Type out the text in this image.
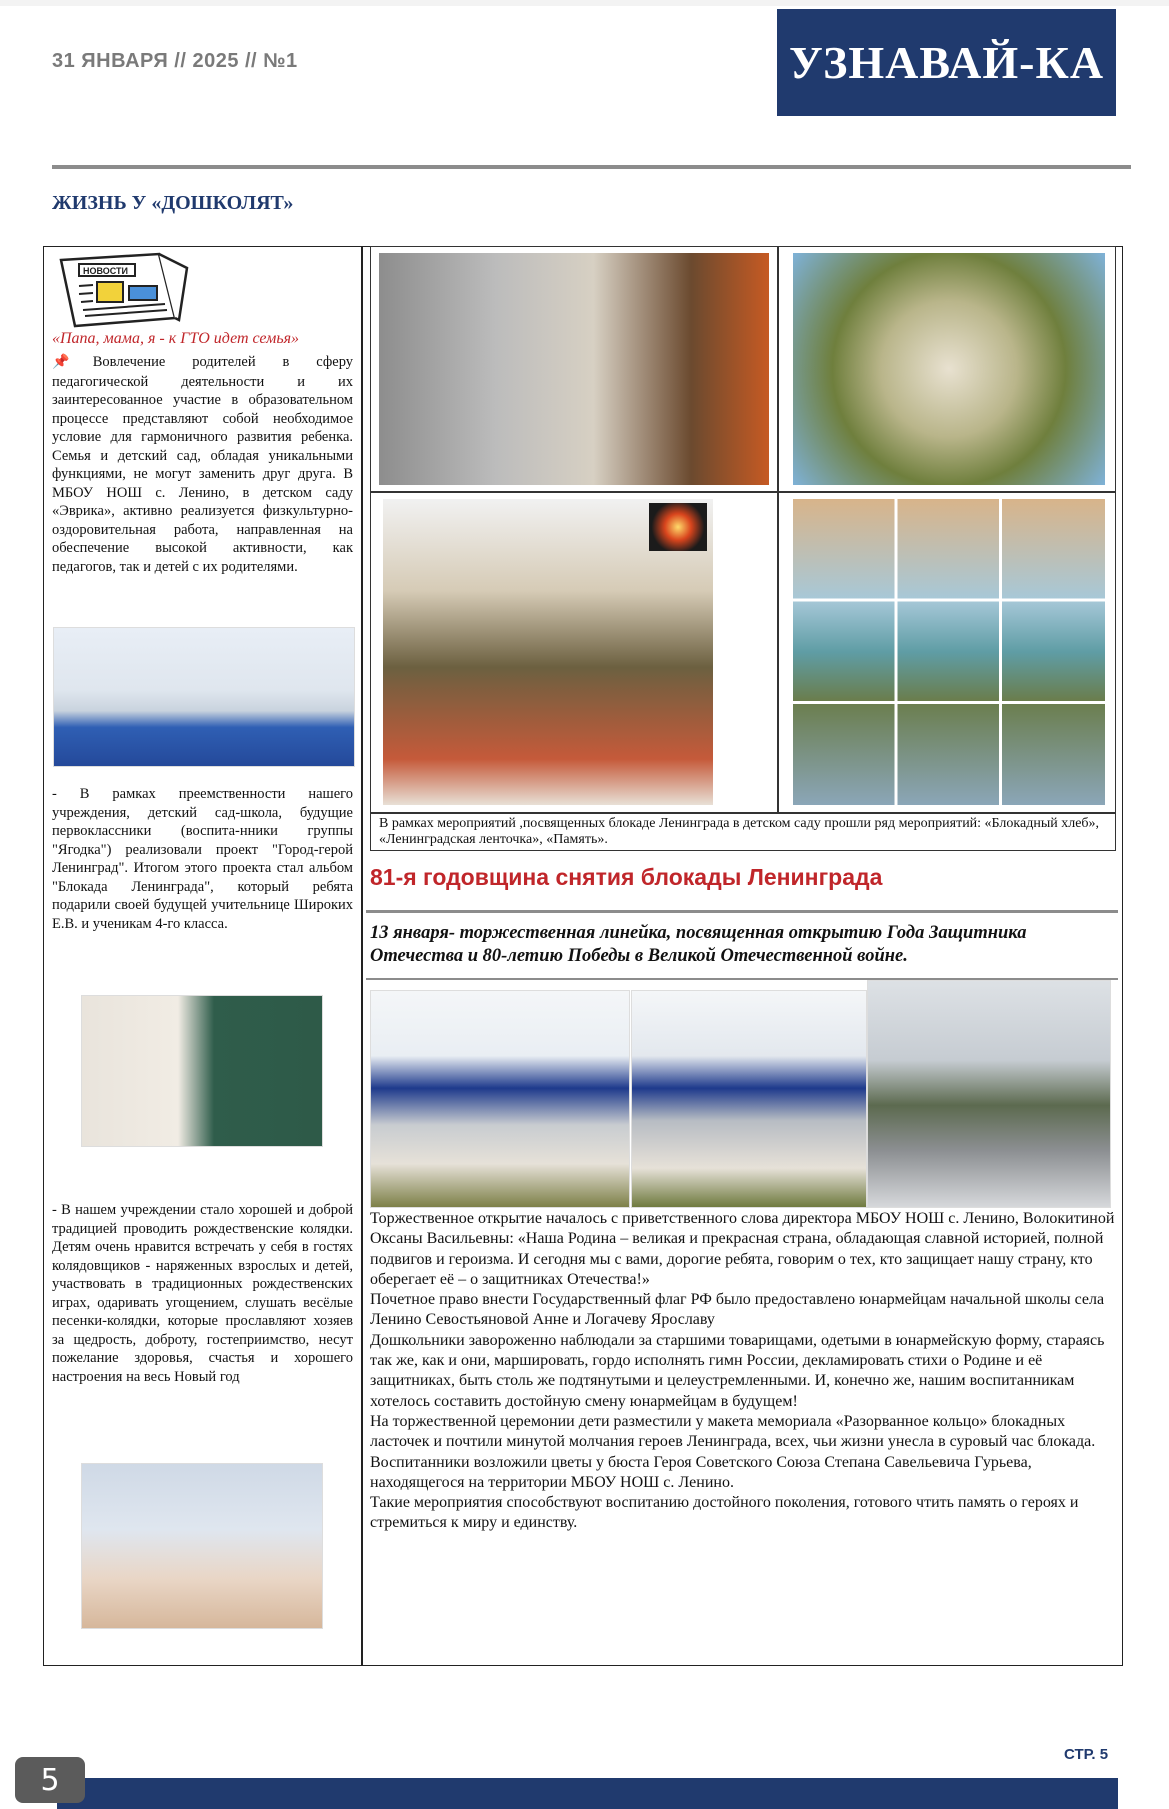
31 ЯНВАРЯ // 2025 // №1	УЗНАВАЙ-КА
ЖИЗНЬ У «ДОШКОЛЯТ»
НОВОСТИ
«Папа, мама, я - к ГТО идет семья»
📌Вовлечение родителей в сферу педагогической деятельности и их заинтересованное участие в образовательном процессе представляют собой необходимое условие для гармоничного развития ребенка. Семья и детский сад, обладая уникальными функциями, не могут заменить друг друга. В МБОУ НОШ с. Ленино, в детском саду «Эврика», активно реализуется физкультурно-оздоровительная работа, направленная на обеспечение высокой активности, как педагогов, так и детей с их родителями.
- В рамках преемственности нашего учреждения, детский сад-школа, будущие первоклассники (воспита-нники группы "Ягодка") реализовали проект "Город-герой Ленинград". Итогом этого проекта стал альбом "Блокада Ленинграда", который ребята подарили своей будущей учительнице Широких Е.В. и ученикам 4-го класса.
- В нашем учреждении стало хорошей и доброй традицией проводить рождественские колядки. Детям очень нравится встречать у себя в гостях колядовщиков - наряженных взрослых и детей, участвовать в традиционных рождественских играх, одаривать угощением, слушать весёлые песенки-колядки, которые прославляют хозяев за щедрость, доброту, гостеприимство, несут пожелание здоровья, счастья и хорошего настроения на весь Новый год
В рамках мероприятий ,посвященных блокаде Ленинграда в детском саду прошли ряд мероприятий: «Блокадный хлеб», «Ленинградская ленточка», «Память».
81-я годовщина снятия блокады Ленинграда
13 января- торжественная линейка, посвященная открытию Года Защитника Отечества и 80-летию Победы в Великой Отечественной войне.

Торжественное открытие началось с приветственного слова директора МБОУ НОШ с. Ленино, Волокитиной Оксаны Васильевны: «Наша Родина – великая и прекрасная страна, обладающая славной историей, полной подвигов и героизма. И сегодня мы с вами, дорогие ребята, говорим о тех, кто защищает нашу страну, кто оберегает её – о защитниках Отечества!»

Почетное право внести Государственный флаг РФ было предоставлено юнармейцам начальной школы села Ленино Севостьяновой Анне и Логачеву Ярославу

Дошкольники завороженно наблюдали за старшими товарищами, одетыми в юнармейскую форму, стараясь так же, как и они, маршировать, гордо исполнять гимн России, декламировать стихи о Родине и её защитниках, быть столь же подтянутыми и целеустремленными. И, конечно же, нашим воспитанникам хотелось составить достойную смену юнармейцам в будущем!

На торжественной церемонии дети разместили у макета мемориала «Разорванное кольцо» блокадных ласточек и почтили минутой молчания героев Ленинграда, всех, чьи жизни унесла в суровый час блокада.

Воспитанники возложили цветы у бюста Героя Советского Союза Степана Савельевича Гурьева, находящегося на территории МБОУ НОШ с. Ленино.

Такие мероприятия способствуют воспитанию достойного поколения, готового чтить память о героях и стремиться к миру и единству.

СТР. 5
5
